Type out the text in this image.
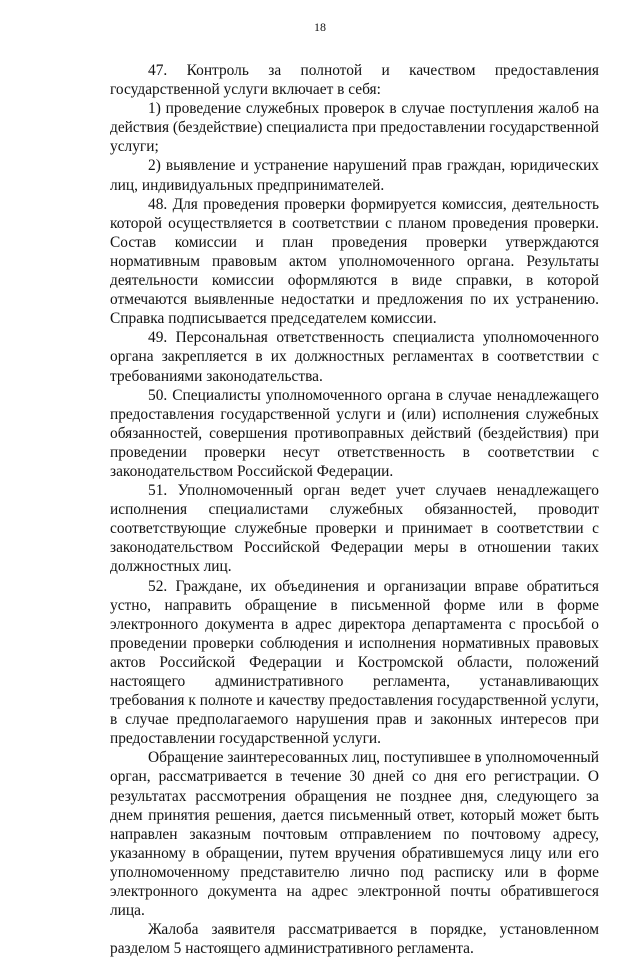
18

47. Контроль за полнотой и качеством предоставления государственной услуги включает в себя:

1) проведение служебных проверок в случае поступления жалоб на действия (бездействие) специалиста при предоставлении государственной услуги;

2) выявление и устранение нарушений прав граждан, юридических лиц, индивидуальных предпринимателей.

48. Для проведения проверки формируется комиссия, деятельность которой осуществляется в соответствии с планом проведения проверки. Состав комиссии и план проведения проверки утверждаются нормативным правовым актом уполномоченного органа. Результаты деятельности комиссии оформляются в виде справки, в которой отмечаются выявленные недостатки и предложения по их устранению. Справка подписывается председателем комиссии.

49. Персональная ответственность специалиста уполномоченного органа закрепляется в их должностных регламентах в соответствии с требованиями законодательства.

50. Специалисты уполномоченного органа в случае ненадлежащего предоставления государственной услуги и (или) исполнения служебных обязанностей, совершения противоправных действий (бездействия) при проведении проверки несут ответственность в соответствии с законодательством Российской Федерации.

51. Уполномоченный орган ведет учет случаев ненадлежащего исполнения специалистами служебных обязанностей, проводит соответствующие служебные проверки и принимает в соответствии с законодательством Российской Федерации меры в отношении таких должностных лиц.

52. Граждане, их объединения и организации вправе обратиться устно, направить обращение в письменной форме или в форме электронного документа в адрес директора департамента с просьбой о проведении проверки соблюдения и исполнения нормативных правовых актов Российской Федерации и Костромской области, положений настоящего административного регламента, устанавливающих требования к полноте и качеству предоставления государственной услуги, в случае предполагаемого нарушения прав и законных интересов при предоставлении государственной услуги.

Обращение заинтересованных лиц, поступившее в уполномоченный орган, рассматривается в течение 30 дней со дня его регистрации. О результатах рассмотрения обращения не позднее дня, следующего за днем принятия решения, дается письменный ответ, который может быть направлен заказным почтовым отправлением по почтовому адресу, указанному в обращении, путем вручения обратившемуся лицу или его уполномоченному представителю лично под расписку или в форме электронного документа на адрес электронной почты обратившегося лица.

Жалоба заявителя рассматривается в порядке, установленном разделом 5 настоящего административного регламента.
